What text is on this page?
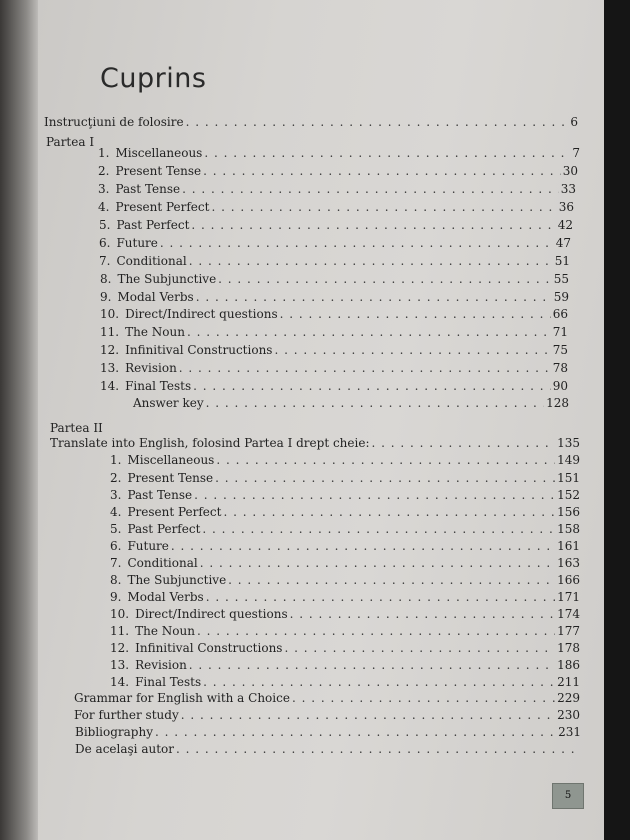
Cuprins
Instrucţiuni de folosire . . .	6
Partea I
1. Miscellaneous . . .	7
2. Present Tense . . .	30
3. Past Tense . . .	33
4. Present Perfect . . .	36
5. Past Perfect . . .	42
6. Future . . .	47
7. Conditional . . .	51
8. The Subjunctive . . .	55
9. Modal Verbs . . .	59
10. Direct/Indirect questions . . .	66
11. The Noun . . .	71
12. Infinitival Constructions . . .	75
13. Revision . . .	78
14. Final Tests . . .	90
Answer key . . .	128
Partea II
Translate into English, folosind Partea I drept cheie: . . .	135
1. Miscellaneous . . .	149
2. Present Tense . . .	151
3. Past Tense . . .	152
4. Present Perfect . . .	156
5. Past Perfect . . .	158
6. Future . . .	161
7. Conditional . . .	163
8. The Subjunctive . . .	166
9. Modal Verbs . . .	171
10. Direct/Indirect questions . . .	174
11. The Noun . . .	177
12. Infinitival Constructions . . .	178
13. Revision . . .	186
14. Final Tests . . .	211
Grammar for English with a Choice . . .	229
For further study . . .	230
Bibliography . . .	231
De acelaşi autor
. . .
5
